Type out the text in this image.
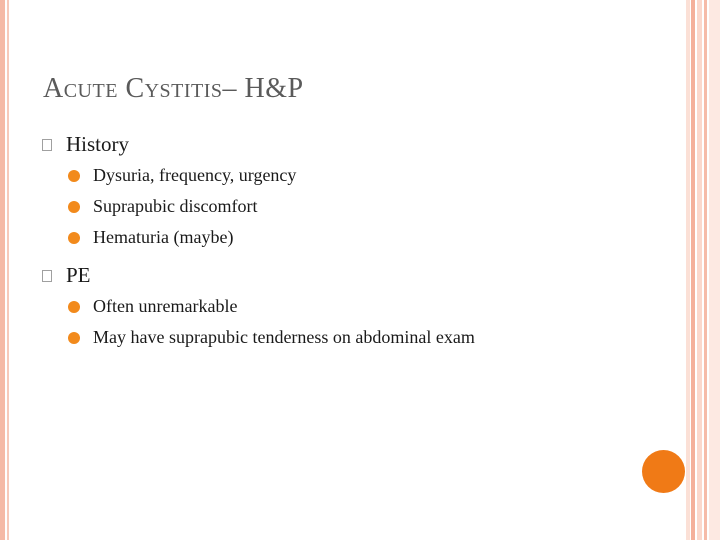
Acute Cystitis– H&P
History
Dysuria, frequency, urgency
Suprapubic discomfort
Hematuria (maybe)
PE
Often unremarkable
May have suprapubic tenderness on abdominal exam
